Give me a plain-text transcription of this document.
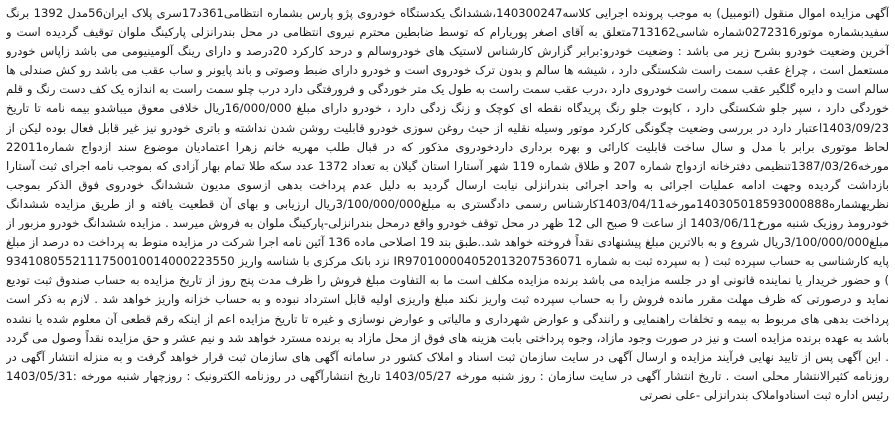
آگهی مزایده اموال منقول (اتومبیل) به موجب پرونده اجرایی کلاسه140300247،ششدانگ یکدستگاه خودروی پژو پارس بشماره انتظامی361د17سری پلاک ایران56مدل 1392 برنگ سفیدبشماره موتور0272316شماره شاسی713162متعلق به آقای اصغر پوریارام که توسط ضابطین محترم نیروی انتظامی در محل بندرانزلی پارکینگ ملوان توقیف گردیده است و آخرین وضعیت خودرو بشرح زیر می باشد : وضعیت خودرو:برابر گزارش کارشناس لاستیک های خودروسالم و درحد کارکرد 20درصد و دارای رینگ آلومینیومی می باشد زاپاس خودرو مستعمل است ، چراغ عقب سمت راست شکستگی دارد ، شیشه ها سالم و بدون ترک خودروی است و خودرو دارای ضبط وصوتی و باند پایونر و ساب عقب می باشد رو کش صندلی ها سالم است و دایره گلگیر عقب سمت راست خودروی دارد ،درب عقب سمت راست به طول یک متر خوردگی و فرورفتگی دارد درب چلو سمت راست به اندازه یک کف دست رنگ و قلم خوردگی دارد ، سپر جلو شکستگی دارد ، کاپوت جلو رنگ پریدگاه نقطه ای کوچک و زنگ زدگی دارد ، خودرو دارای مبلغ 16/000/000ریال خلافی معوق میباشدو بیمه نامه تا تاریخ 1403/09/23اعتبار دارد در بررسی وضعیت چگونگی کارکرد موتور وسیله نقلیه از حیث روغن سوزی خودرو قابلیت روشن شدن نداشته و باتری خودرو نیز غیر قابل فعال بوده لیکن از لحاظ موتوری برابر با مدل و سال ساخت قابلیت کارائی و بهره برداری داردخودروی مذکور که در قبال طلب مهریه خانم زهرا اعتمادیان موضوع سند ازدواج شماره22011 مورخه1387/03/26تنظیمی دفترخانه ازدواج شماره 207 و طلاق شماره 119 شهر آستارا استان گیلان به تعداد 1372 عدد سکه طلا تمام بهار آزادی که بموجب نامه اجرای ثبت آستارا بازداشت گردیده وجهت ادامه عملیات اجرائی به واحد اجرائی بندرانزلی نیابت ارسال گردید به دلیل عدم پرداخت بدهی ازسوی مدیون ششدانگ خودروی فوق الذکر بموجب نظریهشماره140305018593000888مورخه1403/04/11کارشناس رسمی دادگستری به مبلغ3/100/000/000ریال ارزیابی و بهای آن قطعیت یافته و از طریق مزایده ششدانگ خودرومذ روزیک شنبه مورخ1403/06/11 از ساعت 9 صبح الی 12 ظهر در محل توقف خودرو واقع درمحل بندرانزلی-پارکینگ ملوان به فروش میرسد . مزایده ششدانگ خودرو مزبور از مبلغ3/100/000/000ریال شروع و به بالاترین مبلغ پیشنهادی نقداً فروخته خواهد شد..طبق بند 19 اصلاحی ماده 136 آئین نامه اجرا شرکت در مزایده منوط به پرداخت ده درصد از مبلغ پایه کارشناسی به حساب سپرده ثبت ( به سپرده ثبت به شماره IR970100004052013207536071 نزد بانک مرکزی با شناسه واریز 9341080552111750010014000223550 ) و حضور خریدار یا نماینده قانونی او در جلسه مزایده می باشد برنده مزایده مکلف است ما به التفاوت مبلغ فروش را ظرف مدت پنج روز از تاریخ مزایده به حساب صندوق ثبت تودیع نماید و درصورتی که ظرف مهلت مقرر مانده فروش را به حساب سپرده ثبت واریز نکند مبلغ واریزی اولیه قابل استرداد نبوده و به حساب خزانه واریز خواهد شد . لازم به ذکر است پرداخت بدهی های مربوط به بیمه و تخلفات راهنمایی و رانندگی و عوارض شهرداری و مالیاتی و عوارض نوسازی و غیره تا تاریخ مزایده اعم از اینکه رقم قطعی آن معلوم شده یا نشده باشد به عهده برنده مزایده است و نیز در صورت وجود مازاد، وجوه پرداختی بابت هزینه های فوق از محل مازاد به برنده مسترد خواهد شد و نیم عشر و حق مزایده نقداً وصول می گردد . این آگهی پس از تایید نهایی فرآیند مزایده و ارسال آگهی در سایت سازمان ثبت اسناد و املاک کشور در سامانه آگهی های سازمان ثبت قرار خواهد گرفت و به منزله انتشار آگهی در روزنامه کثیرالانتشار محلی است . تاریخ انتشار آگهی در سایت سازمان : روز شنبه مورخه 1403/05/27 تاریخ انتشارآگهی در روزنامه الکترونیک : روزچهار شنبه مورخه :1403/05/31 رئیس اداره ثبت اسنادواملاک بندرانزلی -علی نصرتی
